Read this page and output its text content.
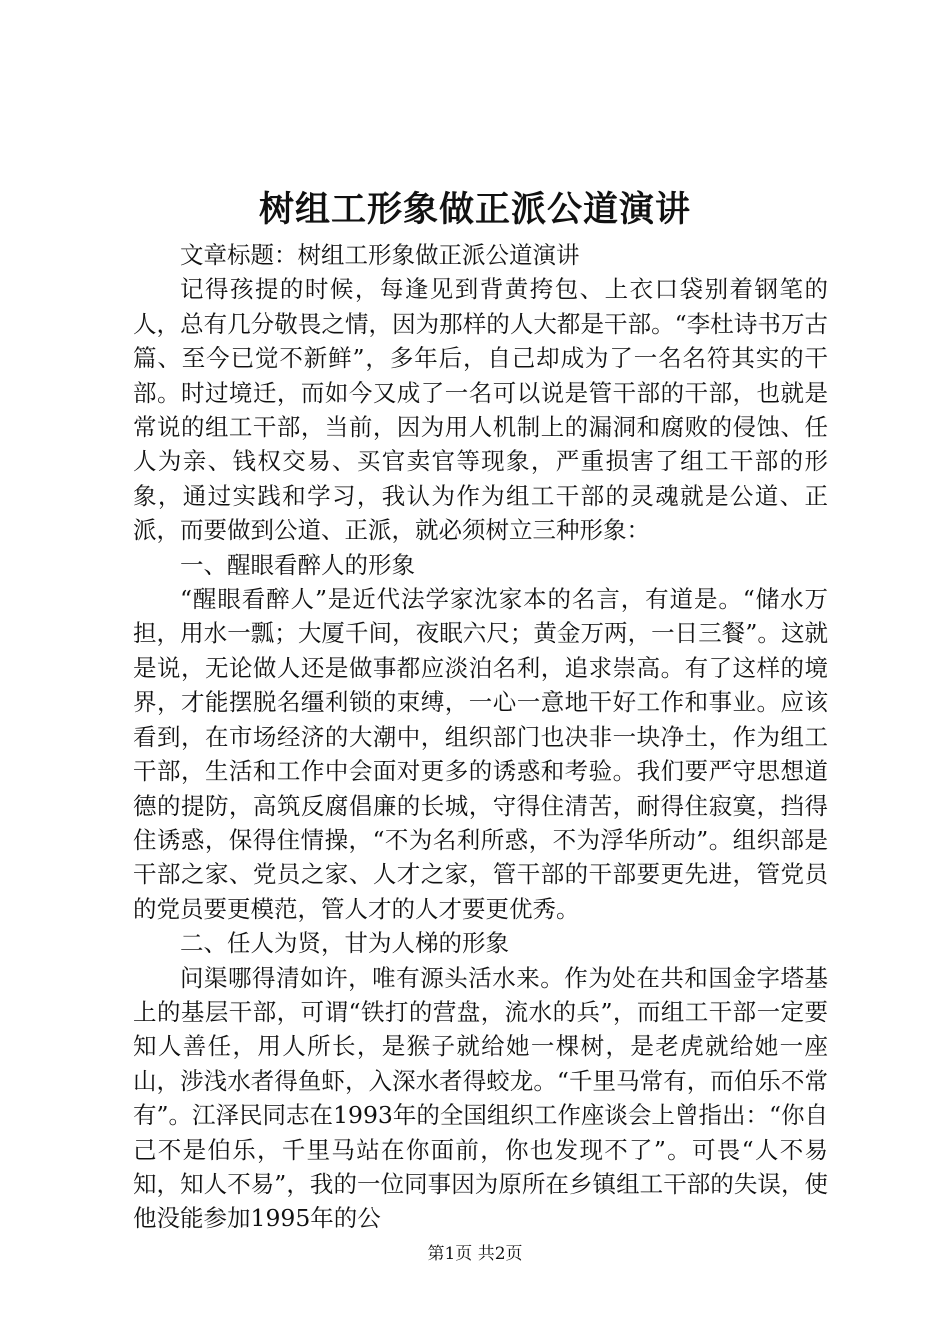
树组工形象做正派公道演讲

文章标题：树组工形象做正派公道演讲

记得孩提的时候，每逢见到背黄挎包、上衣口袋别着钢笔的人，总有几分敬畏之情，因为那样的人大都是干部。“李杜诗书万古篇、至今已觉不新鲜”，多年后，自己却成为了一名名符其实的干部。时过境迁，而如今又成了一名可以说是管干部的干部，也就是常说的组工干部，当前，因为用人机制上的漏洞和腐败的侵蚀、任人为亲、钱权交易、买官卖官等现象，严重损害了组工干部的形象，通过实践和学习，我认为作为组工干部的灵魂就是公道、正派，而要做到公道、正派，就必须树立三种形象：

一、醒眼看醉人的形象

“醒眼看醉人”是近代法学家沈家本的名言，有道是。“储水万担，用水一瓢；大厦千间，夜眠六尺；黄金万两，一日三餐”。这就是说，无论做人还是做事都应淡泊名利，追求崇高。有了这样的境界，才能摆脱名缰利锁的束缚，一心一意地干好工作和事业。应该看到，在市场经济的大潮中，组织部门也决非一块净土，作为组工干部，生活和工作中会面对更多的诱惑和考验。我们要严守思想道德的提防，高筑反腐倡廉的长城，守得住清苦，耐得住寂寞，挡得住诱惑，保得住情操，“不为名利所惑，不为浮华所动”。组织部是干部之家、党员之家、人才之家，管干部的干部要更先进，管党员的党员要更模范，管人才的人才要更优秀。

二、任人为贤，甘为人梯的形象

问渠哪得清如许，唯有源头活水来。作为处在共和国金字塔基上的基层干部，可谓“铁打的营盘，流水的兵”，而组工干部一定要知人善任，用人所长，是猴子就给她一棵树，是老虎就给她一座山，涉浅水者得鱼虾，入深水者得蛟龙。“千里马常有，而伯乐不常有”。江泽民同志在1993年的全国组织工作座谈会上曾指出：“你自己不是伯乐，千里马站在你面前，你也发现不了”。可畏“人不易知，知人不易”，我的一位同事因为原所在乡镇组工干部的失误，使他没能参加1995年的公

第1页 共2页
